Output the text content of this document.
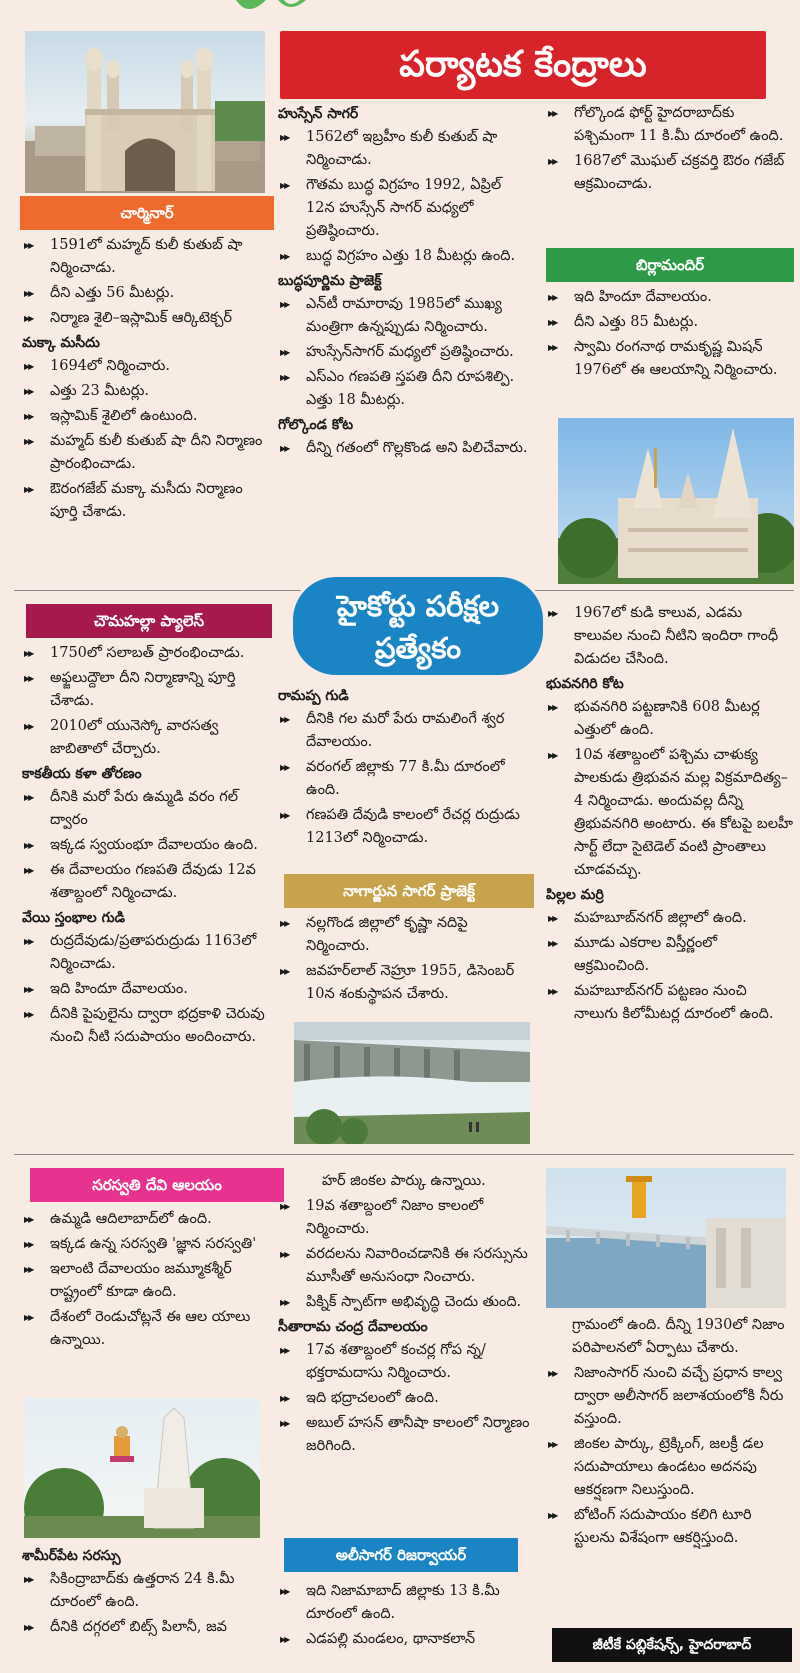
పర్యాటక కేంద్రాలు
చార్మినార్‌

▶▶ 1591లో మహ్మద్‌ కులీ కుతుబ్‌ షా నిర్మించాడు.

▶▶ దీని ఎత్తు 56 మీటర్లు.

▶▶ నిర్మాణ శైలి–ఇస్లామిక్‌ ఆర్కిటెక్చర్‌

మక్కా మసీదు

▶▶ 1694లో నిర్మించారు.

▶▶ ఎత్తు 23 మీటర్లు.

▶▶ ఇస్లామిక్‌ శైలిలో ఉంటుంది.

▶▶ మహ్మద్‌ కులీ కుతుబ్‌ షా దీని నిర్మాణం ప్రారంభించాడు.

▶▶ ఔరంగజేబ్‌ మక్కా మసీదు నిర్మాణం పూర్తి చేశాడు.

హుస్సేన్‌ సాగర్‌

▶▶ 1562లో ఇబ్రహీం కులీ కుతుబ్‌ షా నిర్మించాడు.

▶▶ గౌతమ బుద్ధ విగ్రహం 1992, ఏప్రిల్‌ 12న హుస్సేన్‌ సాగర్‌ మధ్యలో ప్రతిష్ఠించారు.

▶▶ బుద్ధ విగ్రహం ఎత్తు 18 మీటర్లు ఉంది.

బుద్ధపూర్ణిమ ప్రాజెక్ట్‌

▶▶ ఎన్‌టీ రామారావు 1985లో ముఖ్య మంత్రిగా ఉన్నప్పుడు నిర్మించారు.

▶▶ హుస్సేన్‌సాగర్‌ మధ్యలో ప్రతిష్ఠించారు.

▶▶ ఎస్‌ఎం గణపతి స్తపతి దీని రూపశిల్పి. ఎత్తు 18 మీటర్లు.

గోల్కొండ కోట

▶▶ దీన్ని గతంలో గొల్లకొండ అని పిలిచేవారు.

▶▶ గోల్కొండ ఫోర్ట్‌ హైదరాబాద్‌కు పశ్చిమంగా 11 కి.మీ దూరంలో ఉంది.

▶▶ 1687లో మొఘల్‌ చక్రవర్తి ఔరం గజేబ్‌ ఆక్రమించాడు.

బిర్లామందిర్‌

▶▶ ఇది హిందూ దేవాలయం.

▶▶ దీని ఎత్తు 85 మీటర్లు.

▶▶ స్వామి రంగనాథ రామకృష్ణ మిషన్‌ 1976లో ఈ ఆలయాన్ని నిర్మించారు.

హైకోర్టు పరీక్షల ప్రత్యేకం
చౌమహల్లా ప్యాలెస్‌

▶▶ 1750లో సలాబత్‌ ప్రారంభించాడు.

▶▶ అఫ్జలుద్దౌలా దీని నిర్మాణాన్ని పూర్తి చేశాడు.

▶▶ 2010లో యునెస్కో వారసత్వ జాబితాలో చేర్చారు.

కాకతీయ కళా తోరణం

▶▶ దీనికి మరో పేరు ఉమ్మడి వరం గల్‌ ద్వారం

▶▶ ఇక్కడ స్వయంభూ దేవాలయం ఉంది.

▶▶ ఈ దేవాలయం గణపతి దేవుడు 12వ శతాబ్దంలో నిర్మించాడు.

వేయి స్తంభాల గుడి

▶▶ రుద్రదేవుడు/ప్రతాపరుద్రుడు 1163లో నిర్మించాడు.

▶▶ ఇది హిందూ దేవాలయం.

▶▶ దీనికి పైపులైను ద్వారా భద్రకాళి చెరువు నుంచి నీటి సదుపాయం అందించారు.

రామప్ప గుడి

▶▶ దీనికి గల మరో పేరు రామలింగే శ్వర దేవాలయం.

▶▶ వరంగల్‌ జిల్లాకు 77 కి.మీ దూరంలో ఉంది.

▶▶ గణపతి దేవుడి కాలంలో రేచర్ల రుద్రుడు 1213లో నిర్మించాడు.

నాగార్జున సాగర్‌ ప్రాజెక్ట్‌

▶▶ నల్లగొండ జిల్లాలో కృష్ణా నదిపై నిర్మించారు.

▶▶ జవహర్‌లాల్‌ నెహ్రూ 1955, డిసెంబర్‌ 10న శంకుస్థాపన చేశారు.

▶▶ 1967లో కుడి కాలువ, ఎడమ కాలువల నుంచి నీటిని ఇందిరా గాంధీ విడుదల చేసింది.

భువనగిరి కోట

▶▶ భువనగిరి పట్టణానికి 608 మీటర్ల ఎత్తులో ఉంది.

▶▶ 10వ శతాబ్దంలో పశ్చిమ చాళుక్య పాలకుడు త్రిభువన మల్ల విక్రమాదిత్య–4 నిర్మించాడు. అందువల్ల దీన్ని త్రిభువనగిరి అంటారు. ఈ కోటపై బలహీ సార్ట్ లేదా సైటెడెల్‌ వంటి ప్రాంతాలు చూడవచ్చు.

పిల్లల మర్రి

▶▶ మహబూబ్‌నగర్‌ జిల్లాలో ఉంది.

▶▶ మూడు ఎకరాల విస్తీర్ణంలో ఆక్రమించింది.

▶▶ మహబూబ్‌నగర్‌ పట్టణం నుంచి నాలుగు కిలోమీటర్ల దూరంలో ఉంది.

సరస్వతి దేవి ఆలయం

▶▶ ఉమ్మడి ఆదిలాబాద్‌లో ఉంది.

▶▶ ఇక్కడ ఉన్న సరస్వతి 'జ్ఞాన సరస్వతి'

▶▶ ఇలాంటి దేవాలయం జమ్మూకశ్మీర్‌ రాష్ట్రంలో కూడా ఉంది.

▶▶ దేశంలో రెండుచోట్లనే ఈ ఆల యాలు ఉన్నాయి.

శామీర్‌పేట సరస్సు

▶▶ సికింద్రాబాద్‌కు ఉత్తరాన 24 కి.మీ దూరంలో ఉంది.

▶▶ దీనికి దగ్గరలో బిట్స్‌ పిలానీ, జవ

హర్‌ జింకల పార్కు ఉన్నాయి.

▶▶ 19వ శతాబ్దంలో నిజాం కాలంలో నిర్మించారు.

▶▶ వరదలను నివారించడానికి ఈ సరస్సును మూసీతో అనుసంధా నించారు.

▶▶ పిక్నిక్‌ స్పాట్‌గా అభివృద్ధి చెందు తుంది.

సీతారామ చంద్ర దేవాలయం

▶▶ 17వ శతాబ్దంలో కంచర్ల గోప న్న/భక్తరామదాసు నిర్మించారు.

▶▶ ఇది భద్రాచలంలో ఉంది.

▶▶ అబుల్‌ హసన్‌ తానీషా కాలంలో నిర్మాణం జరిగింది.

అలీసాగర్‌ రిజర్వాయర్‌

▶▶ ఇది నిజామాబాద్‌ జిల్లాకు 13 కి.మీ దూరంలో ఉంది.

▶▶ ఎడపల్లి మండలం, థానాకలాన్‌

గ్రామంలో ఉంది. దీన్ని 1930లో నిజాం పరిపాలనలో ఏర్పాటు చేశారు.

▶▶ నిజాంసాగర్‌ నుంచి వచ్చే ప్రధాన కాల్వ ద్వారా అలీసాగర్‌ జలాశయంలోకి నీరు వస్తుంది.

▶▶ జింకల పార్కు, ట్రెక్కింగ్‌, జలక్రీ డల సదుపాయాలు ఉండటం అదనపు ఆకర్షణగా నిలుస్తుంది.

▶▶ బోటింగ్‌ సదుపాయం కలిగి టూరి స్టులను విశేషంగా ఆకర్షిస్తుంది.

జీటీకే పబ్లికేషన్స్‌, హైదరాబాద్‌
